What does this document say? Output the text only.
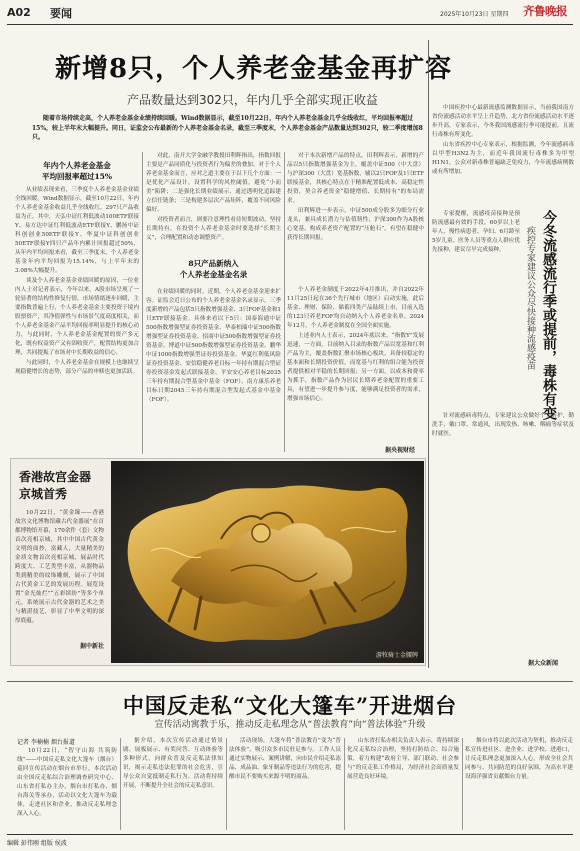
A02 要闻	2025年10月23日 星期四 齐鲁晚报
新增8只，个人养老金基金再扩容
产品数量达到302只，年内几乎全部实现正收益
随着市场持续走高，个人养老金基金业绩持续回暖。Wind数据显示，截至10月22日，年内个人养老金基金几乎全线收红，平均回报率超过15%，较上半年末大幅提升。同日，证监会公布最新的个人养老金基金名录，截至三季度末，个人养老金基金产品数量达到302只，较二季度增加8只。
年内个人养老金基金
平均回报率超过15%

从业绩表现来看，三季度个人养老金基金业绩全线回暖。Wind数据显示，截至10月22日，年内个人养老金基金收益几乎全线收红，297只产品收益为正，其中，天弘中证红利低波动100ETF联接Y、易方达中证红利低波动ETF联接Y、鹏扬中证科创创业50ETF联接Y、华夏中证科创创业50ETF联接Y四只产品年内累计回报超过50%，从年内平均回报来看，截至三季度末，个人养老金基金年内平均回报为15.14%，与上半年末的3.08%大幅提升。

谈及个人养老金基金业绩回暖的原因，一位业内人士对记者表示，今年以来，A股市场呈现了一轮显著的结构性修复行情，市场情绪逐步回暖，主要指数普遍上行，个人养老金基金主要投资于境内股票资产，其净值弹性与市场景气度高度相关，而个人养老金基金产品平均回报率明显提升的核心动力，与此同时，个人养老金基金配置的资产多元化，既有权益资产又有固收资产，配置结构更加合理，共同提振了市场对中长期收益的信心。

与此同时，个人养老金基金在规模上也继续呈现稳健增长的态势，部分产品的申赎也更加活跃。

对此，南开大学金融学教授田利辉指出，指数回报主要是产品同质化与投资者行为偏差的叠加。对于个人养老金基金而言，应对之道主要在于以下几个方面：一是优化产品设计，设置科学的风控阈值，避免“小而美”陷阱；二是强化长期业绩展示，通过透明化追踪建立信任链条；三是构建多层次产品矩阵，覆盖不同风险偏好。

对投资者而言，则要注意理性看待短期波动，坚持长期持有，在投资个人养老金基金时要选择“长期主义”，合理配置和动态调整资产。

8只产品新纳入
个人养老金基金名录

在业绩回暖的同时，近期，个人养老金基金迎来扩容。证监会近日公布的个人养老金基金名录显示，三季度新增的产品包括5只指数增强基金、3只FOF基金和1只ETF联接基金。具体来看以下5只：国泰海通中证500指数增强型证券投资基金、华泰柏瑞中证500指数增强型证券投资基金、招商中证500指数增强型证券投资基金、博道中证500指数增强型证券投资基金、鹏华中证1000指数增强型证券投资基金。华夏红利低风险证券投资基金、安信稳健养老目标一年持有期混合型证券投资基金发起式联接基金、平安安心养老目标2035三年持有期混合型基金中基金（FOF）、南方康乐养老目标日期2045三年持有期混合型发起式基金中基金（FOF）。

对于本次新增产品的特点，田利辉表示，新增的产品以5只指数增强基金为主，覆盖中证500（中大盘）与沪深300（大盘）宽基指数，辅以2只FOF及1只ETF联接基金，其核心特点在于精准配置低成本、高稳定性投资，契合养老资金“稳健增值、长期持有”的布局需求。

田利辉进一步表示，中证500成分股多为细分行业龙头，兼具成长潜力与估值韧性；沪深300作为A股核心宽基，构成养老资产配置的“压舱石”，有望在稳健中获得长期回报。

个人养老金制度于2022年4月推出，并自2022年11月25日起在36个先行城市（地区）启动实施，此后基金、理财、保险、储蓄四类产品陆续上市，目前入选的123只养老FOF均自动纳入个人养老金名单。2024年12月，个人养老金制度在全国全面实施。

上述业内人士表示，2024年底以来，“指数Y”发展迅速，一方面，目前纳入目录的指数产品以宽基和红利产品为主，覆盖指数汇聚市场核心板块，具备较稳定的基本面和长期投资价值，而宽基与红利的组合能为投资者提供相对平稳的长期回报；另一方面，以成本和费率为抓手，指数产品作为居民长期养老金配置的重要工具，有望进一步提升参与度，能够满足投资者的需求，增强市场信心。

据央视财经
香港故宫金器
京城首秀

10月22日，“黄金臻——香港故宫文化博物馆藏古代金器展”在首都博物馆开幕，170余件（套）文物首次亮相京城，其中中国古代黄金文明的面抄，富藏人，大量精美的金质文物首次亮相京城，展品时代跨度大、工艺类型丰富，从器物品类到精美的纹饰雕刻，展示了中国古代黄金工艺的发展历程。展览设置“金光灿烂”“五彩缤纷”等多个单元，系统展示古代金器的艺术之美与精湛技艺，彰显了中华文明的深厚底蕴。

据中新社
游牧骑士金腰牌

中国疾控中心最新流感监测数据显示，当前我国南方省份流感活动水平呈上升趋势，北方省份流感活动水平逐步升高。专家表示，今冬我国流感流行季可能提前，且流行毒株有所变化。

山东省疾控中心专家表示，根据监测，今年流感病毒以甲型H3N2为主，而近年我国流行毒株多为甲型H1N1，公众对新毒株普遍缺乏免疫力，今年流感病例数或有所增加。

今冬流感流行季或提前，毒株有变
疾控专家建议公众尽快接种流感疫苗

专家提醒，流感疫苗接种是预防流感最有效的手段。60岁以上老年人、慢性病患者、孕妇、6月龄至5岁儿童、医务人员等重点人群应优先接种，建议尽早完成接种。

针对流感病毒特点，专家建议公众做好个人防护，勤洗手、戴口罩、常通风，出现发热、咳嗽、咽痛等症状及时就医。

据大众新闻
中国反走私“文化大篷车”开进烟台
宣传活动寓教于乐，推动反走私理念从“普法教育”向“普法体验”升级
记者 李楠楠 烟台报道

10月22日，“智守山海 共筑防线”——中国反走私文化大篷车（烟台）巡回宣传活动在烟台市举行。本次活动由全国反走私综合治理调查研究中心、山东省打私办主办，烟台市打私办、烟台海关等承办，活动以文化大篷车为载体，走进社区和企业，推动反走私理念深入人心。

据介绍，本次宣传活动通过情景剧、展板展示、有奖问答、互动体验等多种形式，向群众普及反走私法律知识，揭示走私违法犯罪的社会危害，引导公众自觉抵制走私行为。活动将持续开展，不断提升全社会的反走私意识。

活动现场，大篷车将“普法教育”变为“普法体验”，吸引众多市民驻足参与。工作人员通过实物展示、案例讲解，向市民介绍走私冻品、成品油、象牙制品等违法行为的危害，提醒市民不要购买来源不明的商品。

山东省打私办相关负责人表示，将持续深化反走私综合治理，坚持打防结合、综合施策，着力构建“政府主导、部门联动、社会参与”的反走私工作格局，为经济社会高质量发展营造良好环境。

烟台市将以此次活动为契机，推动反走私宣传进社区、进企业、进学校、进港口，让反走私理念更加深入人心，形成全社会共同参与、共同防范的良好氛围，为高水平建设海洋强省贡献烟台力量。

编辑 彭伟刚 组版 侯波
